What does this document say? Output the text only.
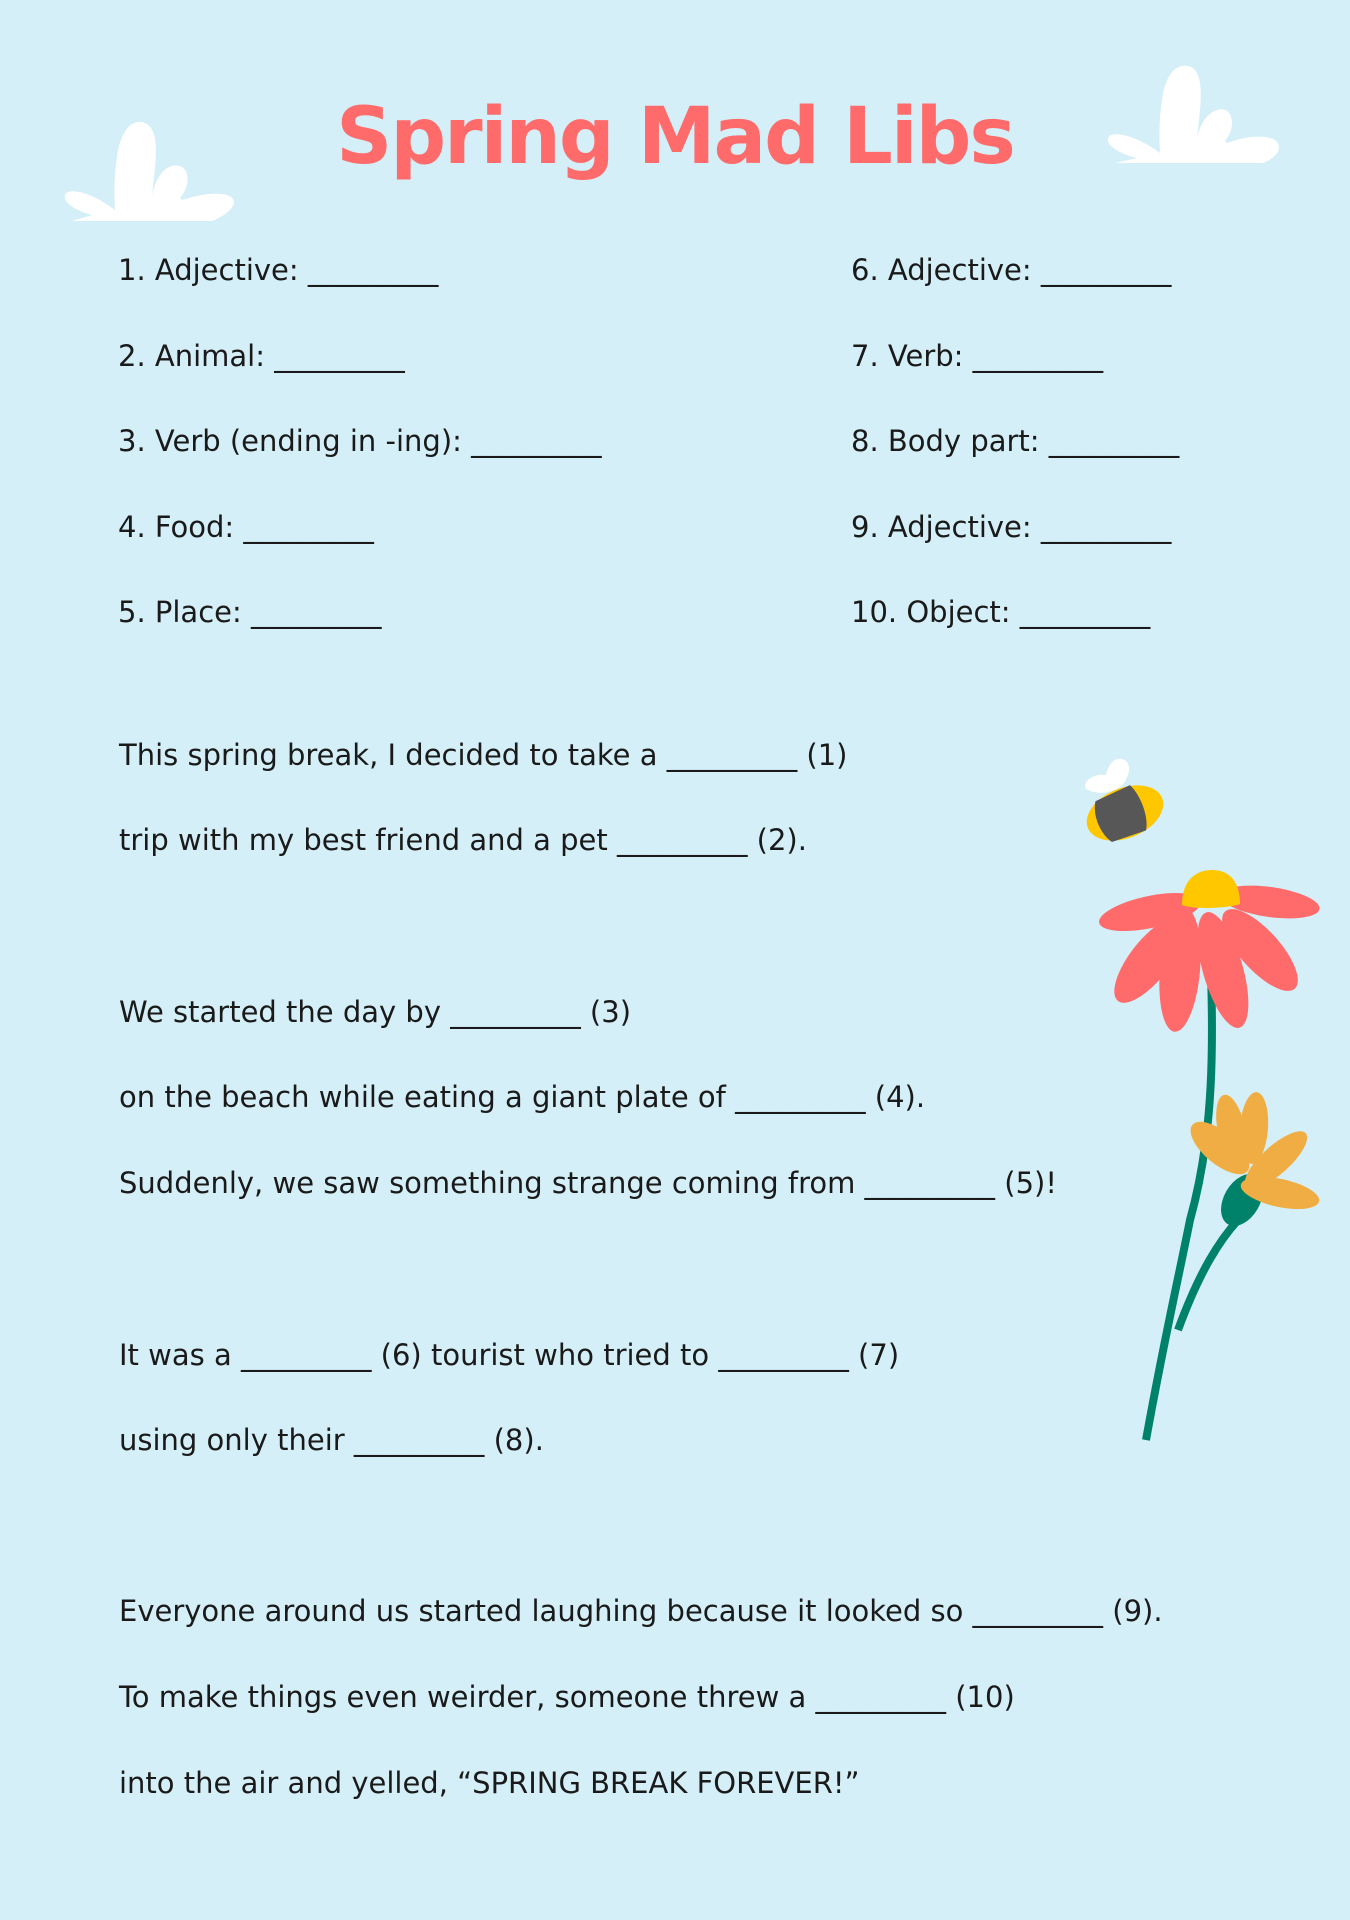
Spring Mad Libs
1. Adjective: _________
2. Animal: _________
3. Verb (ending in -ing): _________
4. Food: _________
5. Place: _________
6. Adjective: _________
7. Verb: _________
8. Body part: _________
9. Adjective: _________
10. Object: _________
This spring break, I decided to take a _________ (1)
trip with my best friend and a pet _________ (2).
We started the day by _________ (3)
on the beach while eating a giant plate of _________ (4).
Suddenly, we saw something strange coming from _________ (5)!
It was a _________ (6) tourist who tried to _________ (7)
using only their _________ (8).
Everyone around us started laughing because it looked so _________ (9).
To make things even weirder, someone threw a _________ (10)
into the air and yelled, “SPRING BREAK FOREVER!”
